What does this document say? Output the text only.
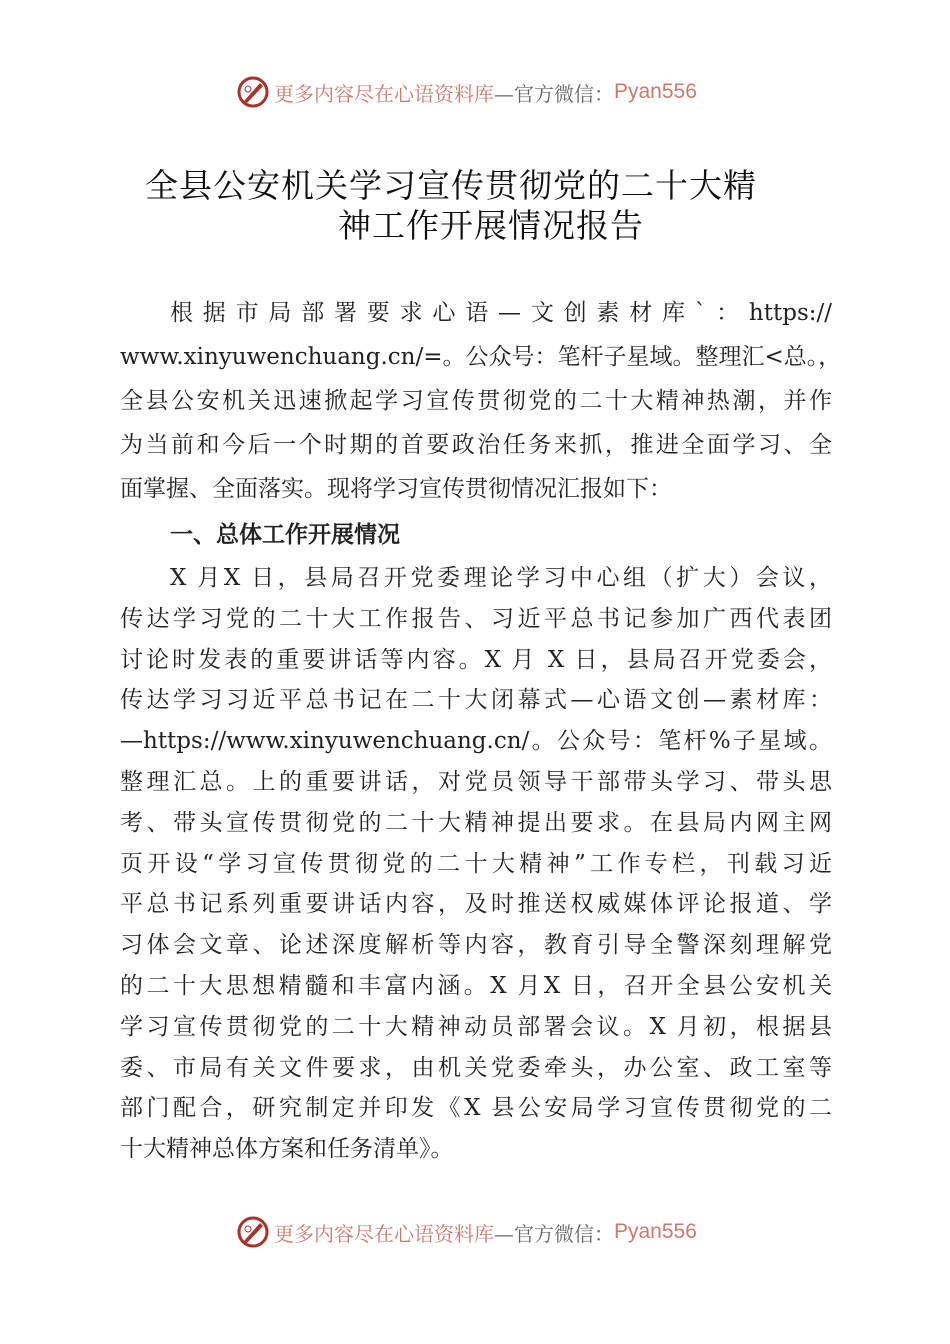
更多内容尽在心语资料库 —官方微信： Pyan556
全县公安机关学习宣传贯彻党的二十大精
神工作开展情况报告
根据市局部署要求心语—文创素材库`：https://
www.xinyuwenchuang.cn/=。公众号：笔杆子星域。整理汇<总。，
全县公安机关迅速掀起学习宣传贯彻党的二十大精神热潮，并作
为当前和今后一个时期的首要政治任务来抓，推进全面学习、全
面掌握、全面落实。现将学习宣传贯彻情况汇报如下：
一、总体工作开展情况
X 月X 日，县局召开党委理论学习中心组（扩大）会议，
传达学习党的二十大工作报告、习近平总书记参加广西代表团
讨论时发表的重要讲话等内容。X 月 X 日，县局召开党委会，
传达学习习近平总书记在二十大闭幕式—心语文创—素材库：
—https://www.xinyuwenchuang.cn/。公众号：笔杆%子星域。
整理汇总。上的重要讲话，对党员领导干部带头学习、带头思
考、带头宣传贯彻党的二十大精神提出要求。在县局内网主网
页开设“学习宣传贯彻党的二十大精神”工作专栏，刊载习近
平总书记系列重要讲话内容，及时推送权威媒体评论报道、学
习体会文章、论述深度解析等内容，教育引导全警深刻理解党
的二十大思想精髓和丰富内涵。X 月X 日，召开全县公安机关
学习宣传贯彻党的二十大精神动员部署会议。X 月初，根据县
委、市局有关文件要求，由机关党委牵头，办公室、政工室等
部门配合，研究制定并印发《X 县公安局学习宣传贯彻党的二
十大精神总体方案和任务清单》。
更多内容尽在心语资料库 —官方微信： Pyan556
